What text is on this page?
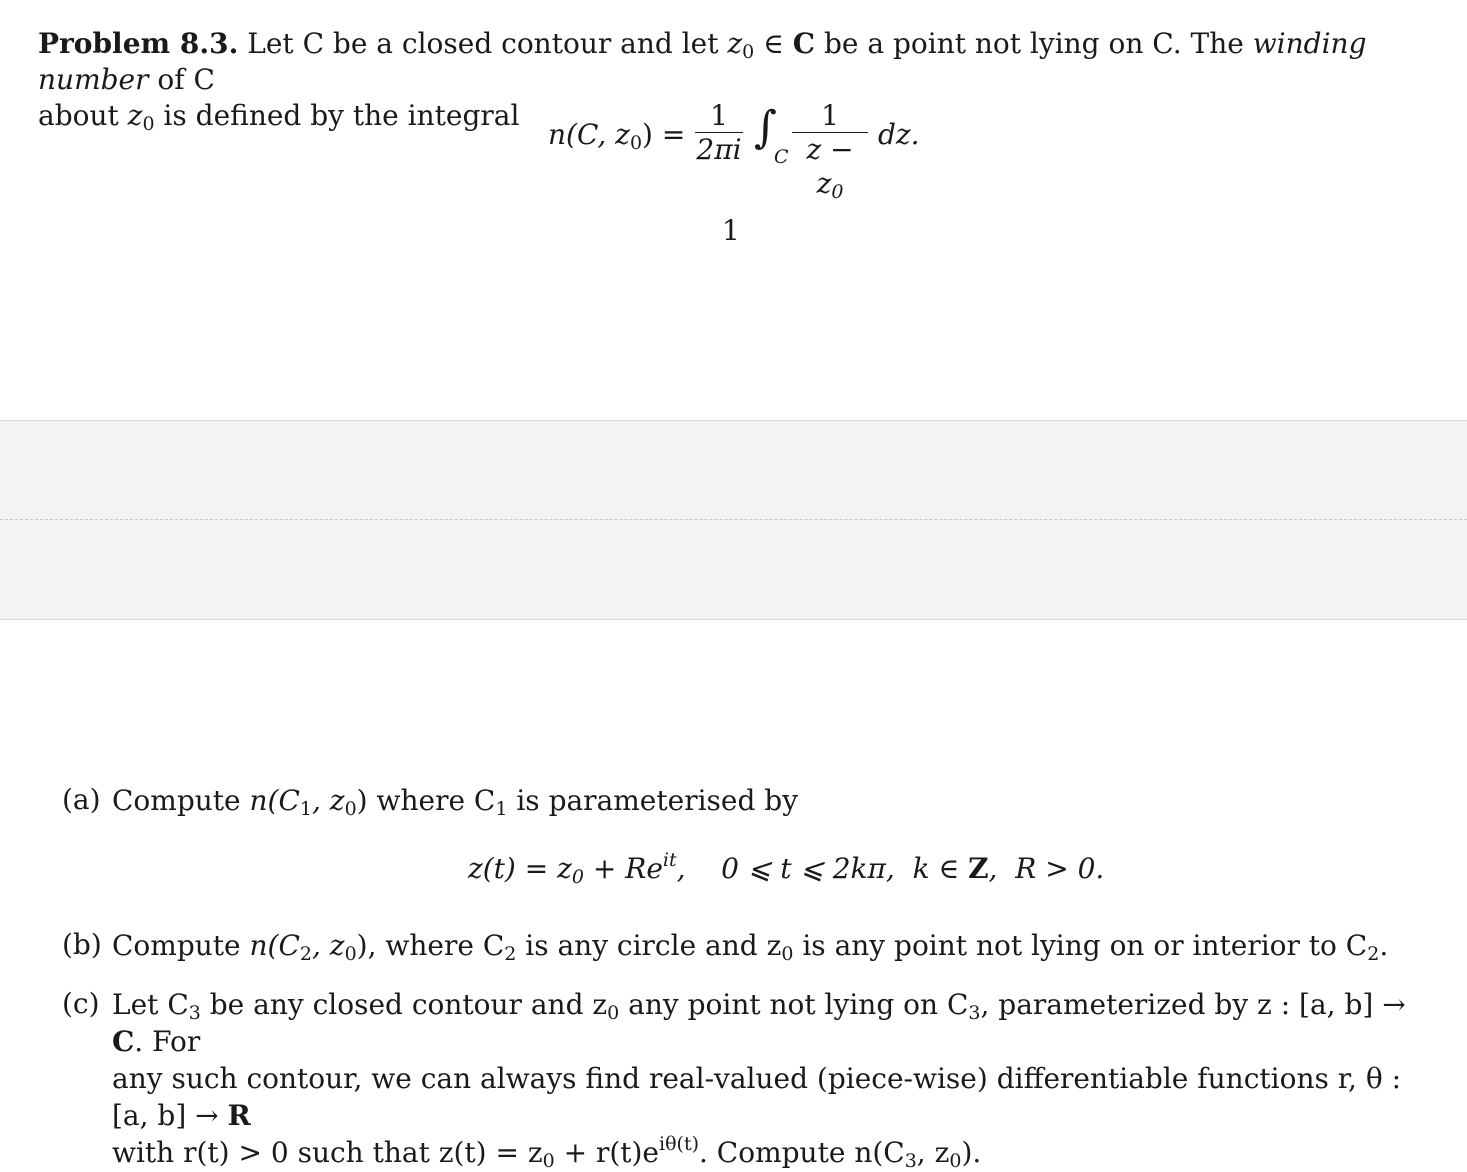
Problem 8.3. Let C be a closed contour and let $z_0$ ∈ C be a point not lying on C. The winding number of C
about $z_0$ is defined by the integral
n(C, $z_0$) =
1
2πi ∫
C
1
$z - z_0$
dz.
1
(a) Compute $n(C_1$, $z_0$) where $C_1$ is parameterised by
$z(t) = z_0 + Re^{it}$,    0 ⩽ t ⩽ 2kπ,  k ∈ Z,  R > 0.
(b) Compute $n(C_2$, $z_0$), where $C_2$ is any circle and $z_0$ is any point not lying on or interior to $C_2$.
(c) Let $C_3$ be any closed contour and $z_0$ any point not lying on $C_3$, parameterized by z : [a, b] → C. For
any such contour, we can always find real-valued (piece-wise) differentiable functions r, θ : [a, b] → R
with r(t) > 0 such that $z(t) = z_0 + r(t)e^{i\theta(t)}$. Compute $n(C_3$, $z_0$).
